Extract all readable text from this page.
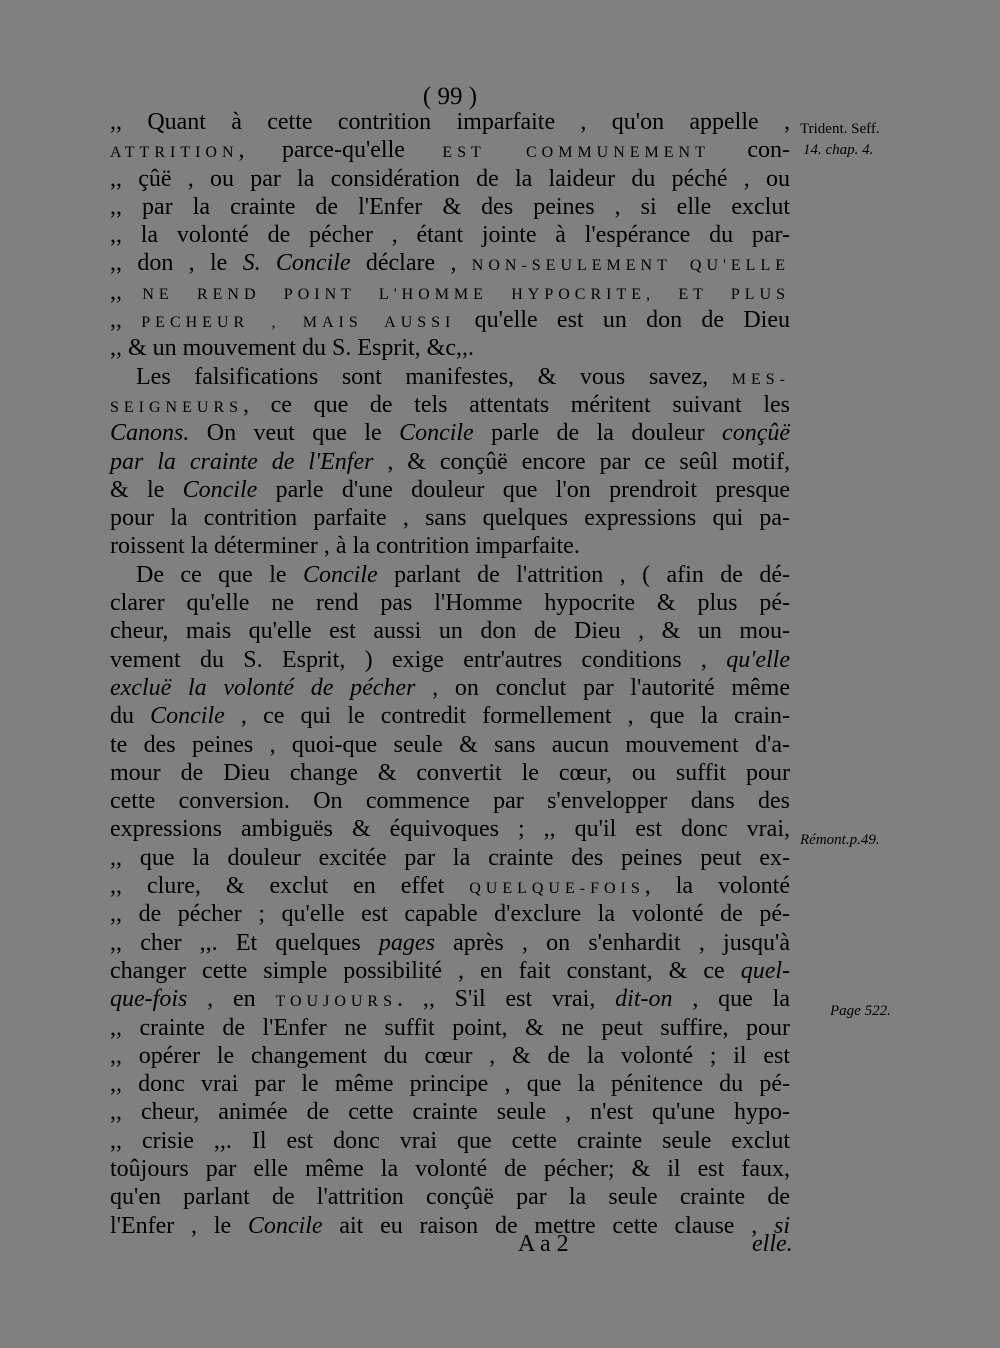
( 99 )
,, Quant à cette contrition imparfaite , qu'on appelle ,
ATTRITION, parce-qu'elle EST COMMUNEMENT con-
,, çûë , ou par la considération de la laideur du péché , ou
,, par la crainte de l'Enfer & des peines , si elle exclut
,, la volonté de pécher , étant jointe à l'espérance du par-
,, don , le S. Concile déclare , NON-SEULEMENT QU'ELLE
,, NE REND POINT L'HOMME HYPOCRITE, ET PLUS
,, PECHEUR , MAIS AUSSI qu'elle est un don de Dieu
,, & un mouvement du S. Esprit, &c,,.
Les falsifications sont manifestes, & vous savez, MES-
SEIGNEURS, ce que de tels attentats méritent suivant les
Canons. On veut que le Concile parle de la douleur conçûë
par la crainte de l'Enfer , & conçûë encore par ce seûl motif,
& le Concile parle d'une douleur que l'on prendroit presque
pour la contrition parfaite , sans quelques expressions qui pa-
roissent la déterminer , à la contrition imparfaite.
De ce que le Concile parlant de l'attrition , ( afin de dé-
clarer qu'elle ne rend pas l'Homme hypocrite & plus pé-
cheur, mais qu'elle est aussi un don de Dieu , & un mou-
vement du S. Esprit, ) exige entr'autres conditions , qu'elle
excluë la volonté de pécher , on conclut par l'autorité même
du Concile , ce qui le contredit formellement , que la crain-
te des peines , quoi-que seule & sans aucun mouvement d'a-
mour de Dieu change & convertit le cœur, ou suffit pour
cette conversion. On commence par s'envelopper dans des
expressions ambiguës & équivoques ; ,, qu'il est donc vrai,
,, que la douleur excitée par la crainte des peines peut ex-
,, clure, & exclut en effet QUELQUE-FOIS, la volonté
,, de pécher ; qu'elle est capable d'exclure la volonté de pé-
,, cher ,,. Et quelques pages après , on s'enhardit , jusqu'à
changer cette simple possibilité , en fait constant, & ce quel-
que-fois , en TOUJOURS. ,, S'il est vrai, dit-on , que la
,, crainte de l'Enfer ne suffit point, & ne peut suffire, pour
,, opérer le changement du cœur , & de la volonté ; il est
,, donc vrai par le même principe , que la pénitence du pé-
,, cheur, animée de cette crainte seule , n'est qu'une hypo-
,, crisie ,,. Il est donc vrai que cette crainte seule exclut
toûjours par elle même la volonté de pécher; & il est faux,
qu'en parlant de l'attrition conçûë par la seule crainte de
l'Enfer , le Concile ait eu raison de mettre cette clause , si
Trident. Seff.
14. chap. 4.
Rémont.p.49.
Page 522.
A a 2	elle.
